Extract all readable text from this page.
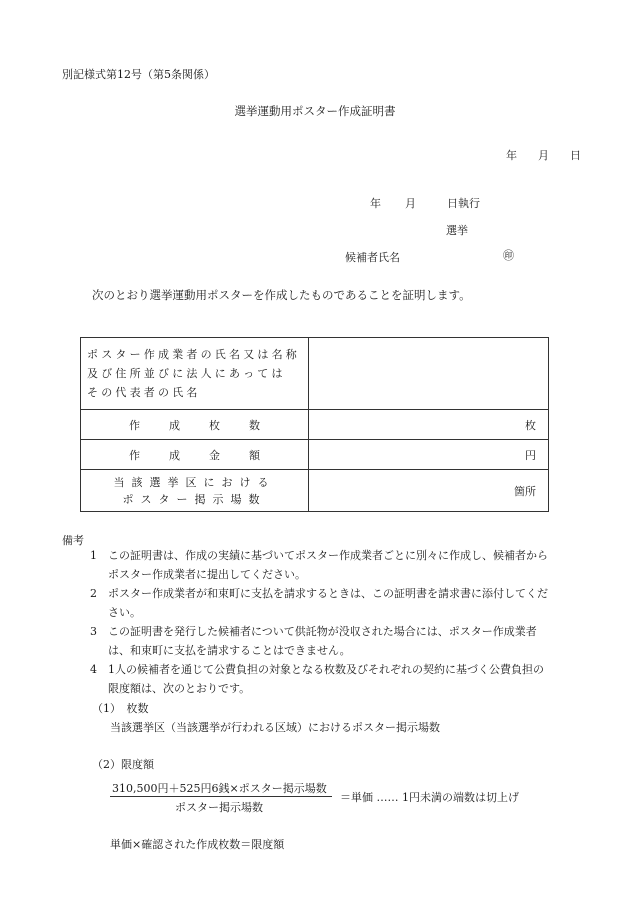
別記様式第12号（第5条関係）
選挙運動用ポスター作成証明書
年 月 日
年 月	日執行
選挙
候補者氏名	㊞
次のとおり選挙運動用ポスターを作成したものであることを証明します。
ポスター作成業者の氏名又は名称
及び住所並びに法人にあっては
その代表者の氏名	

作 成 枚 数	枚
作 成 金 額	円

当該選挙区における
ポスター掲示場数	箇所
備考
1	この証明書は、作成の実績に基づいてポスター作成業者ごとに別々に作成し、候補者からポスター作成業者に提出してください。
2	ポスター作成業者が和束町に支払を請求するときは、この証明書を請求書に添付してください。
3	この証明書を発行した候補者について供託物が没収された場合には、ポスター作成業者は、和束町に支払を請求することはできません。
4	1人の候補者を通じて公費負担の対象となる枚数及びそれぞれの契約に基づく公費負担の限度額は、次のとおりです。
（1）　枚数
当該選挙区（当該選挙が行われる区域）におけるポスター掲示場数
（2）限度額
310,500円＋525円6銭×ポスター掲示場数
ポスター掲示場数
＝単価 …… 1円未満の端数は切上げ
単価×確認された作成枚数＝限度額
